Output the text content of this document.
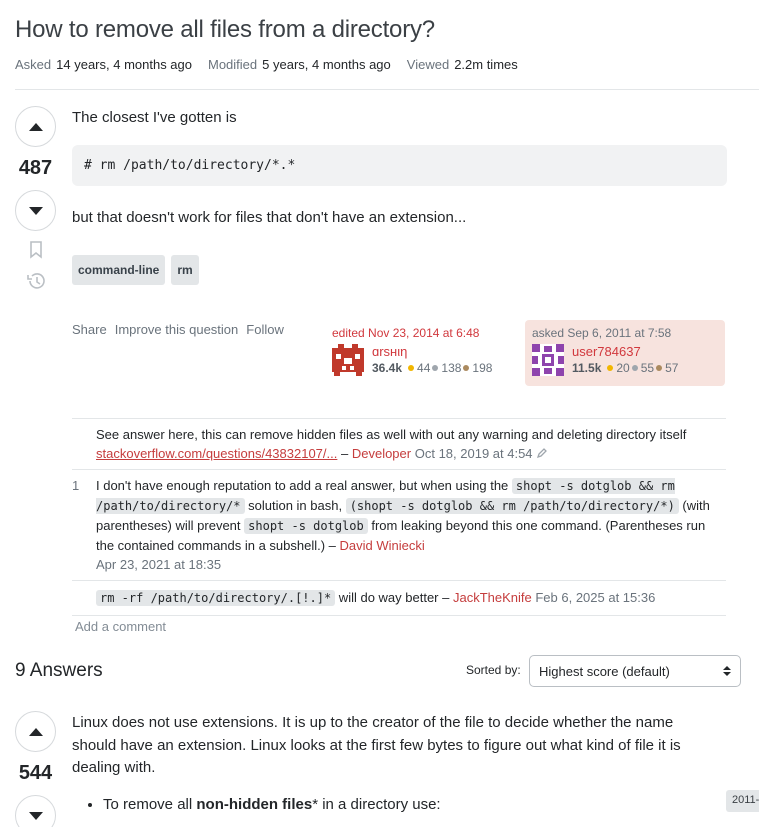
How to remove all files from a directory?
Asked 14 years, 4 months ago Modified 5 years, 4 months ago Viewed 2.2m times
487

The closest I've gotten is

# rm /path/to/directory/*.*

but that doesn't work for files that don't have an extension...

command-line	rm
Share Improve this question Follow	edited Nov 23, 2014 at 6:48
ɑrsнιη
36.4k 44 138 198
asked Sep 6, 2011 at 7:58
user784637
11.5k 20 55 57
See answer here, this can remove hidden files as well with out any warning and deleting directory itself
stackoverflow.com/questions/43832107/... – Developer Oct 18, 2019 at 4:54
1	I don't have enough reputation to add a real answer, but when using the shopt -s dotglob && rm /path/to/directory/* solution in bash, (shopt -s dotglob && rm /path/to/directory/*) (with parentheses) will prevent shopt -s dotglob from leaking beyond this one command. (Parentheses run the contained commands in a subshell.) – David Winiecki
Apr 23, 2021 at 18:35
rm -rf /path/to/directory/.[!.]* will do way better – JackTheKnife Feb 6, 2025 at 15:36
Add a comment
9 Answers	Sorted by: Highest score (default)
544

Linux does not use extensions. It is up to the creator of the file to decide whether the name should have an extension. Linux looks at the first few bytes to figure out what kind of file it is dealing with.

• To remove all non-hidden files* in a directory use:	2011-
